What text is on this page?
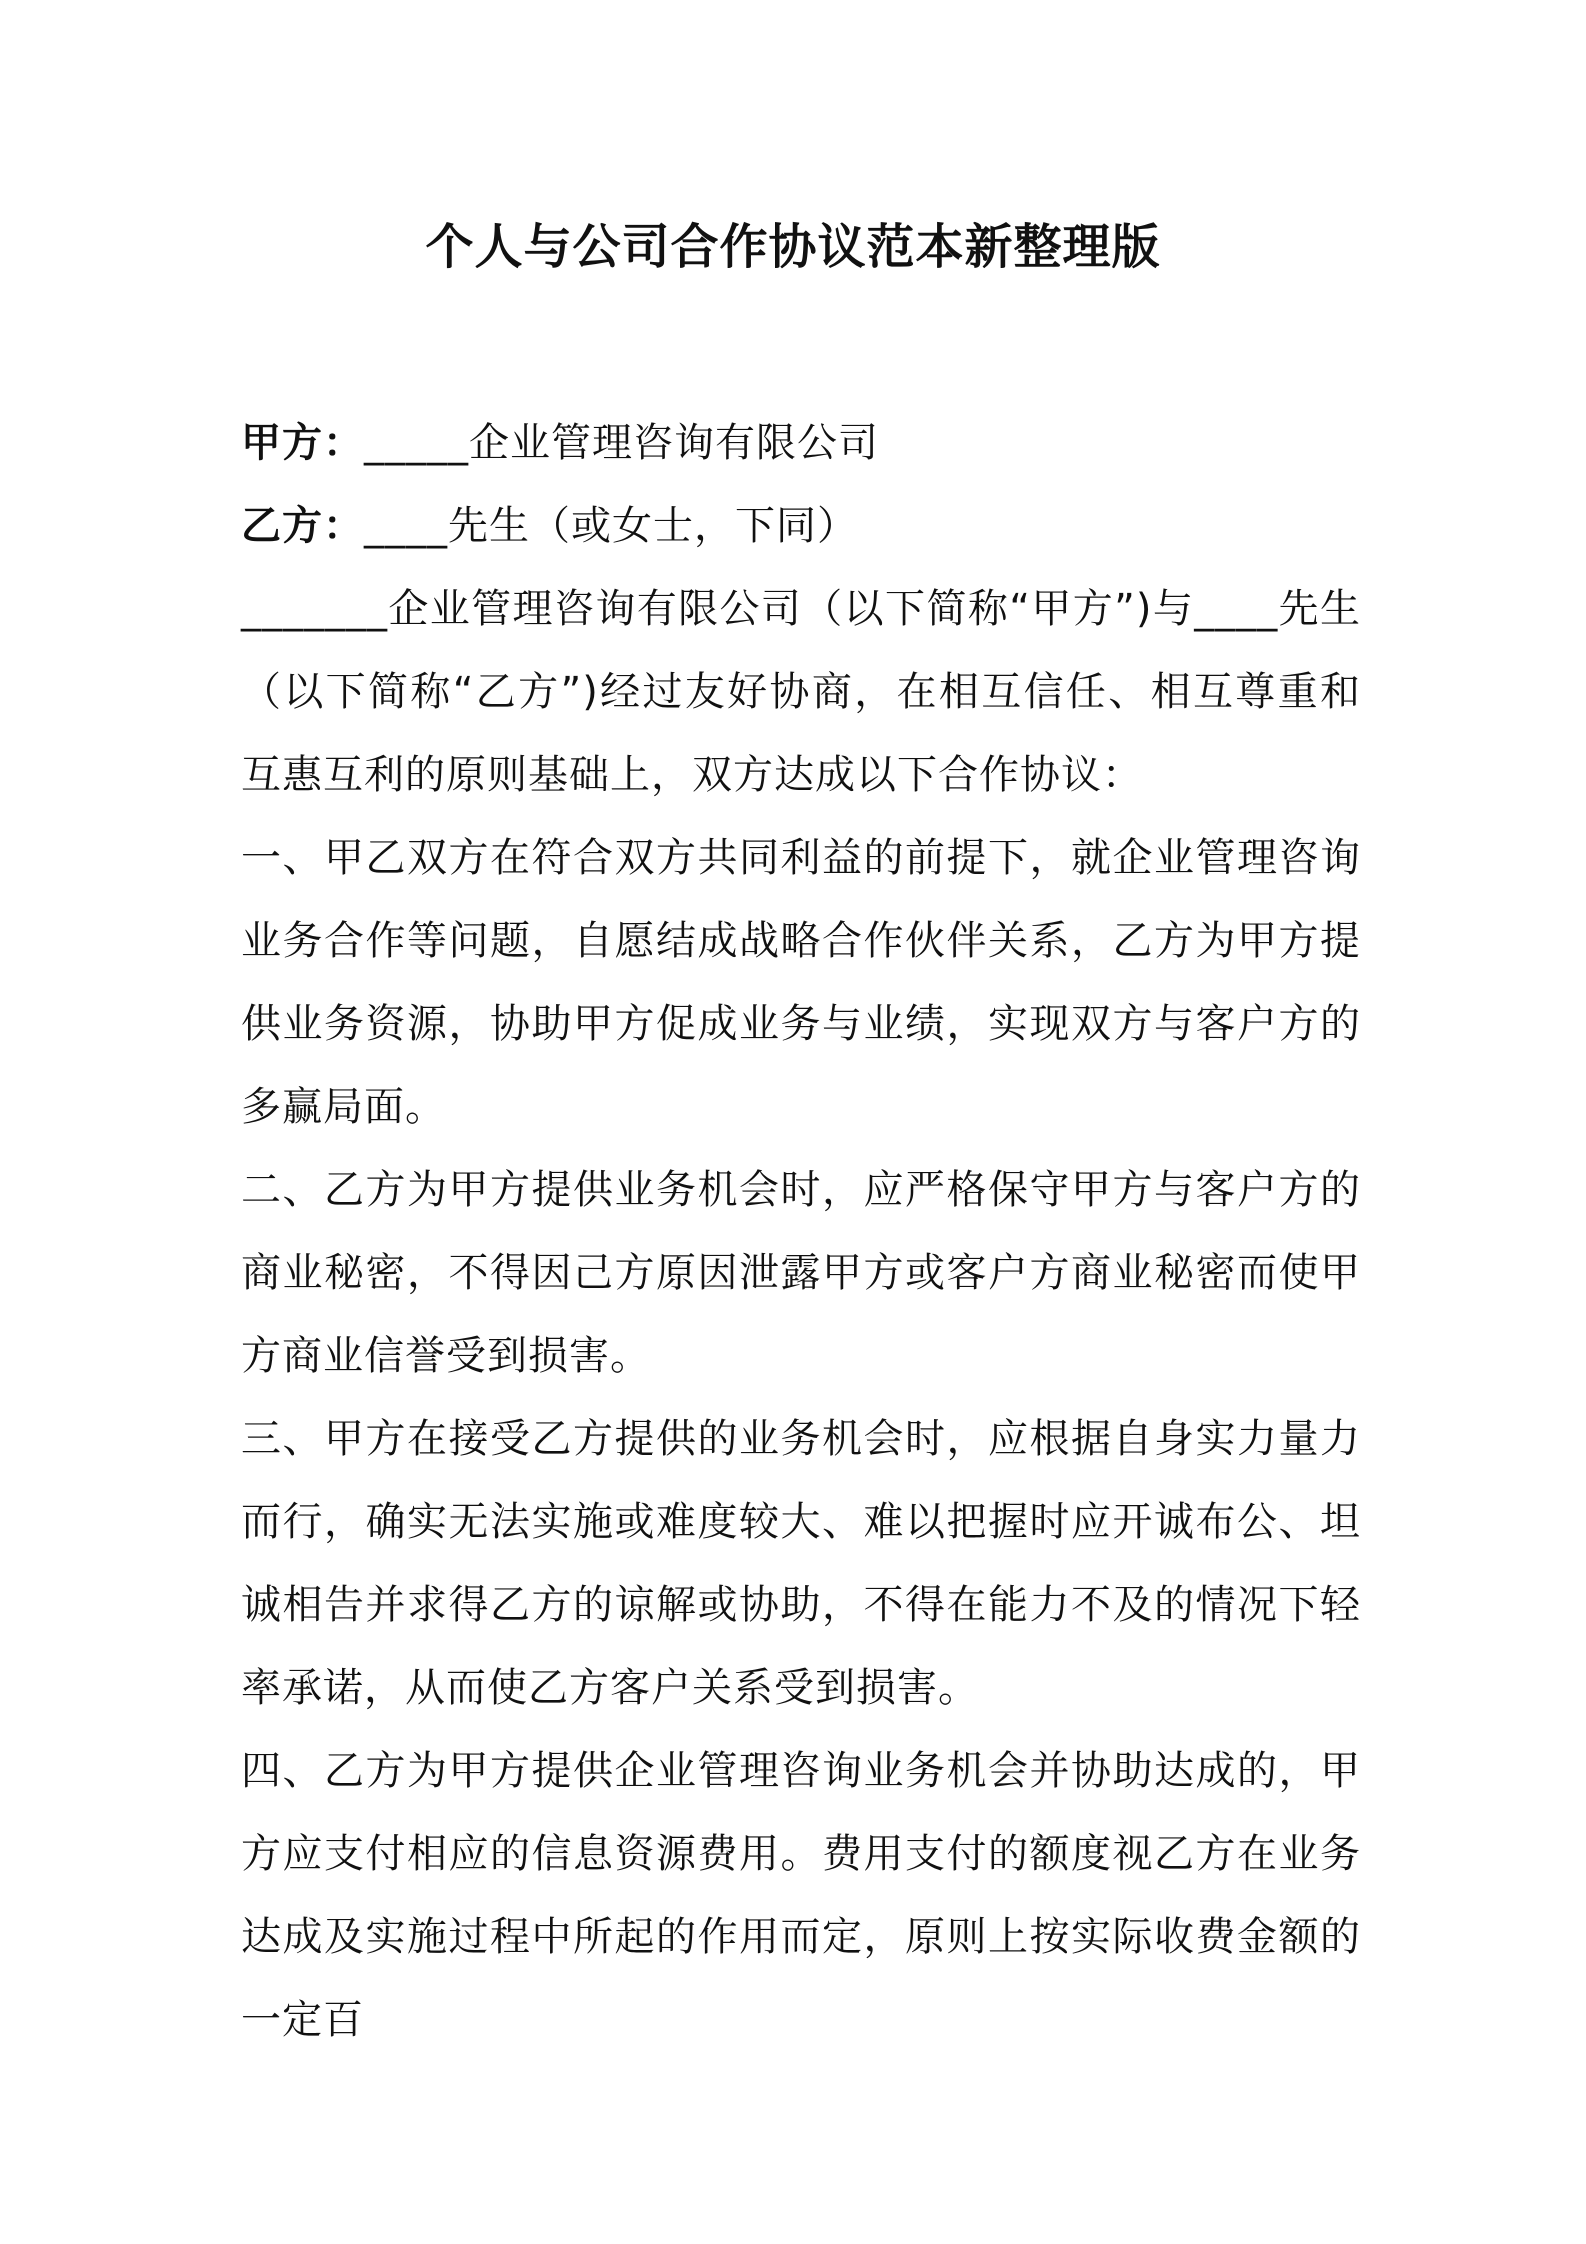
个人与公司合作协议范本新整理版

甲方：_____企业管理咨询有限公司

乙方：____先生（或女士，下同）

_______企业管理咨询有限公司（以下简称“甲方”)与____先生（以下简称“乙方”)经过友好协商，在相互信任、相互尊重和互惠互利的原则基础上，双方达成以下合作协议：

一、甲乙双方在符合双方共同利益的前提下，就企业管理咨询业务合作等问题，自愿结成战略合作伙伴关系，乙方为甲方提供业务资源，协助甲方促成业务与业绩，实现双方与客户方的多赢局面。

二、乙方为甲方提供业务机会时，应严格保守甲方与客户方的商业秘密，不得因己方原因泄露甲方或客户方商业秘密而使甲方商业信誉受到损害。

三、甲方在接受乙方提供的业务机会时，应根据自身实力量力而行，确实无法实施或难度较大、难以把握时应开诚布公、坦诚相告并求得乙方的谅解或协助，不得在能力不及的情况下轻率承诺，从而使乙方客户关系受到损害。

四、乙方为甲方提供企业管理咨询业务机会并协助达成的，甲方应支付相应的信息资源费用。费用支付的额度视乙方在业务达成及实施过程中所起的作用而定，原则上按实际收费金额的一定百
